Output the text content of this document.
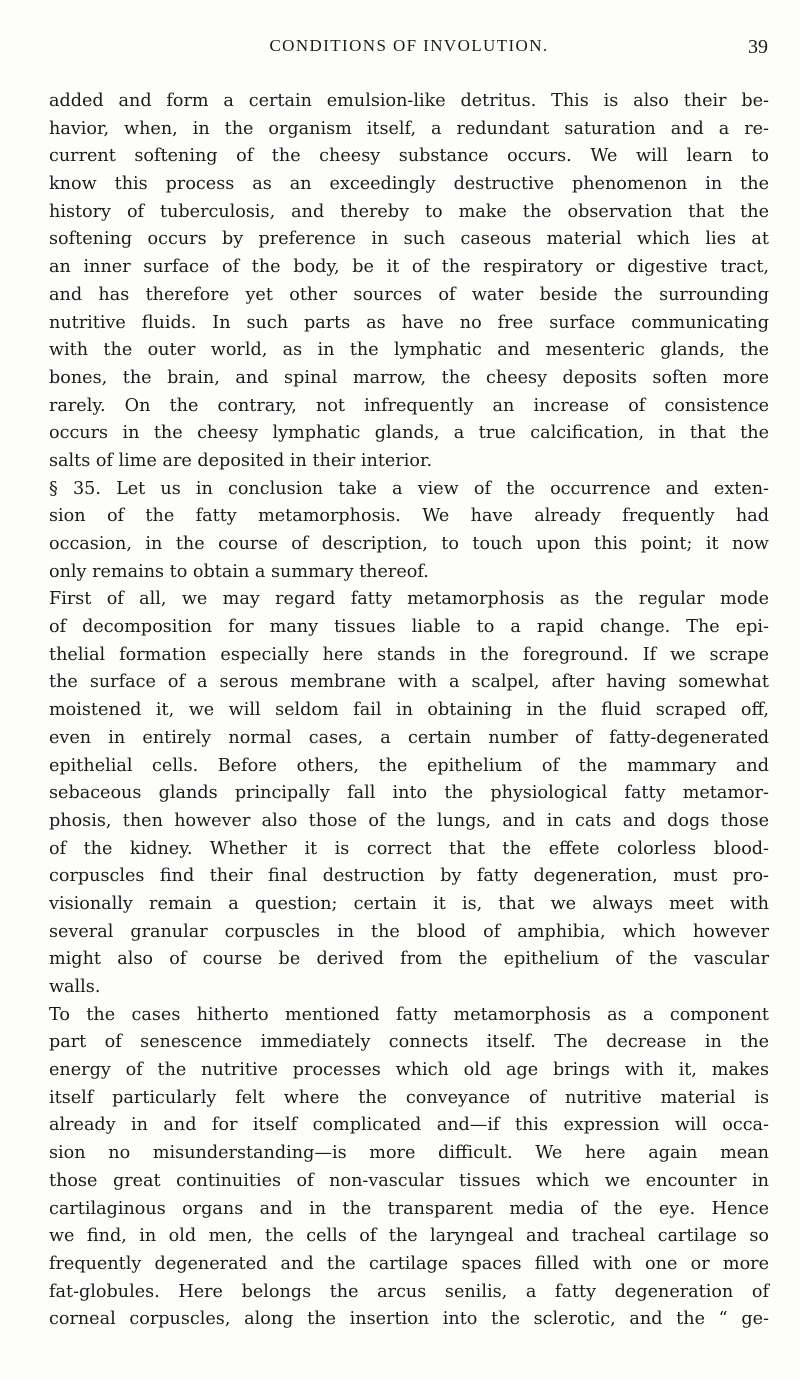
CONDITIONS OF INVOLUTION.	39
added and form a certain emulsion-like detritus. This is also their be-
havior, when, in the organism itself, a redundant saturation and a re-
current softening of the cheesy substance occurs. We will learn to
know this process as an exceedingly destructive phenomenon in the
history of tuberculosis, and thereby to make the observation that the
softening occurs by preference in such caseous material which lies at
an inner surface of the body, be it of the respiratory or digestive tract,
and has therefore yet other sources of water beside the surrounding
nutritive fluids. In such parts as have no free surface communicating
with the outer world, as in the lymphatic and mesenteric glands, the
bones, the brain, and spinal marrow, the cheesy deposits soften more
rarely. On the contrary, not infrequently an increase of consistence
occurs in the cheesy lymphatic glands, a true calcification, in that the
salts of lime are deposited in their interior.
§ 35. Let us in conclusion take a view of the occurrence and exten-
sion of the fatty metamorphosis. We have already frequently had
occasion, in the course of description, to touch upon this point; it now
only remains to obtain a summary thereof.
First of all, we may regard fatty metamorphosis as the regular mode
of decomposition for many tissues liable to a rapid change. The epi-
thelial formation especially here stands in the foreground. If we scrape
the surface of a serous membrane with a scalpel, after having somewhat
moistened it, we will seldom fail in obtaining in the fluid scraped off,
even in entirely normal cases, a certain number of fatty-degenerated
epithelial cells. Before others, the epithelium of the mammary and
sebaceous glands principally fall into the physiological fatty metamor-
phosis, then however also those of the lungs, and in cats and dogs those
of the kidney. Whether it is correct that the effete colorless blood-
corpuscles find their final destruction by fatty degeneration, must pro-
visionally remain a question; certain it is, that we always meet with
several granular corpuscles in the blood of amphibia, which however
might also of course be derived from the epithelium of the vascular
walls.
To the cases hitherto mentioned fatty metamorphosis as a component
part of senescence immediately connects itself. The decrease in the
energy of the nutritive processes which old age brings with it, makes
itself particularly felt where the conveyance of nutritive material is
already in and for itself complicated and—if this expression will occa-
sion no misunderstanding—is more difficult. We here again mean
those great continuities of non-vascular tissues which we encounter in
cartilaginous organs and in the transparent media of the eye. Hence
we find, in old men, the cells of the laryngeal and tracheal cartilage so
frequently degenerated and the cartilage spaces filled with one or more
fat-globules. Here belongs the arcus senilis, a fatty degeneration of
corneal corpuscles, along the insertion into the sclerotic, and the “ ge-
